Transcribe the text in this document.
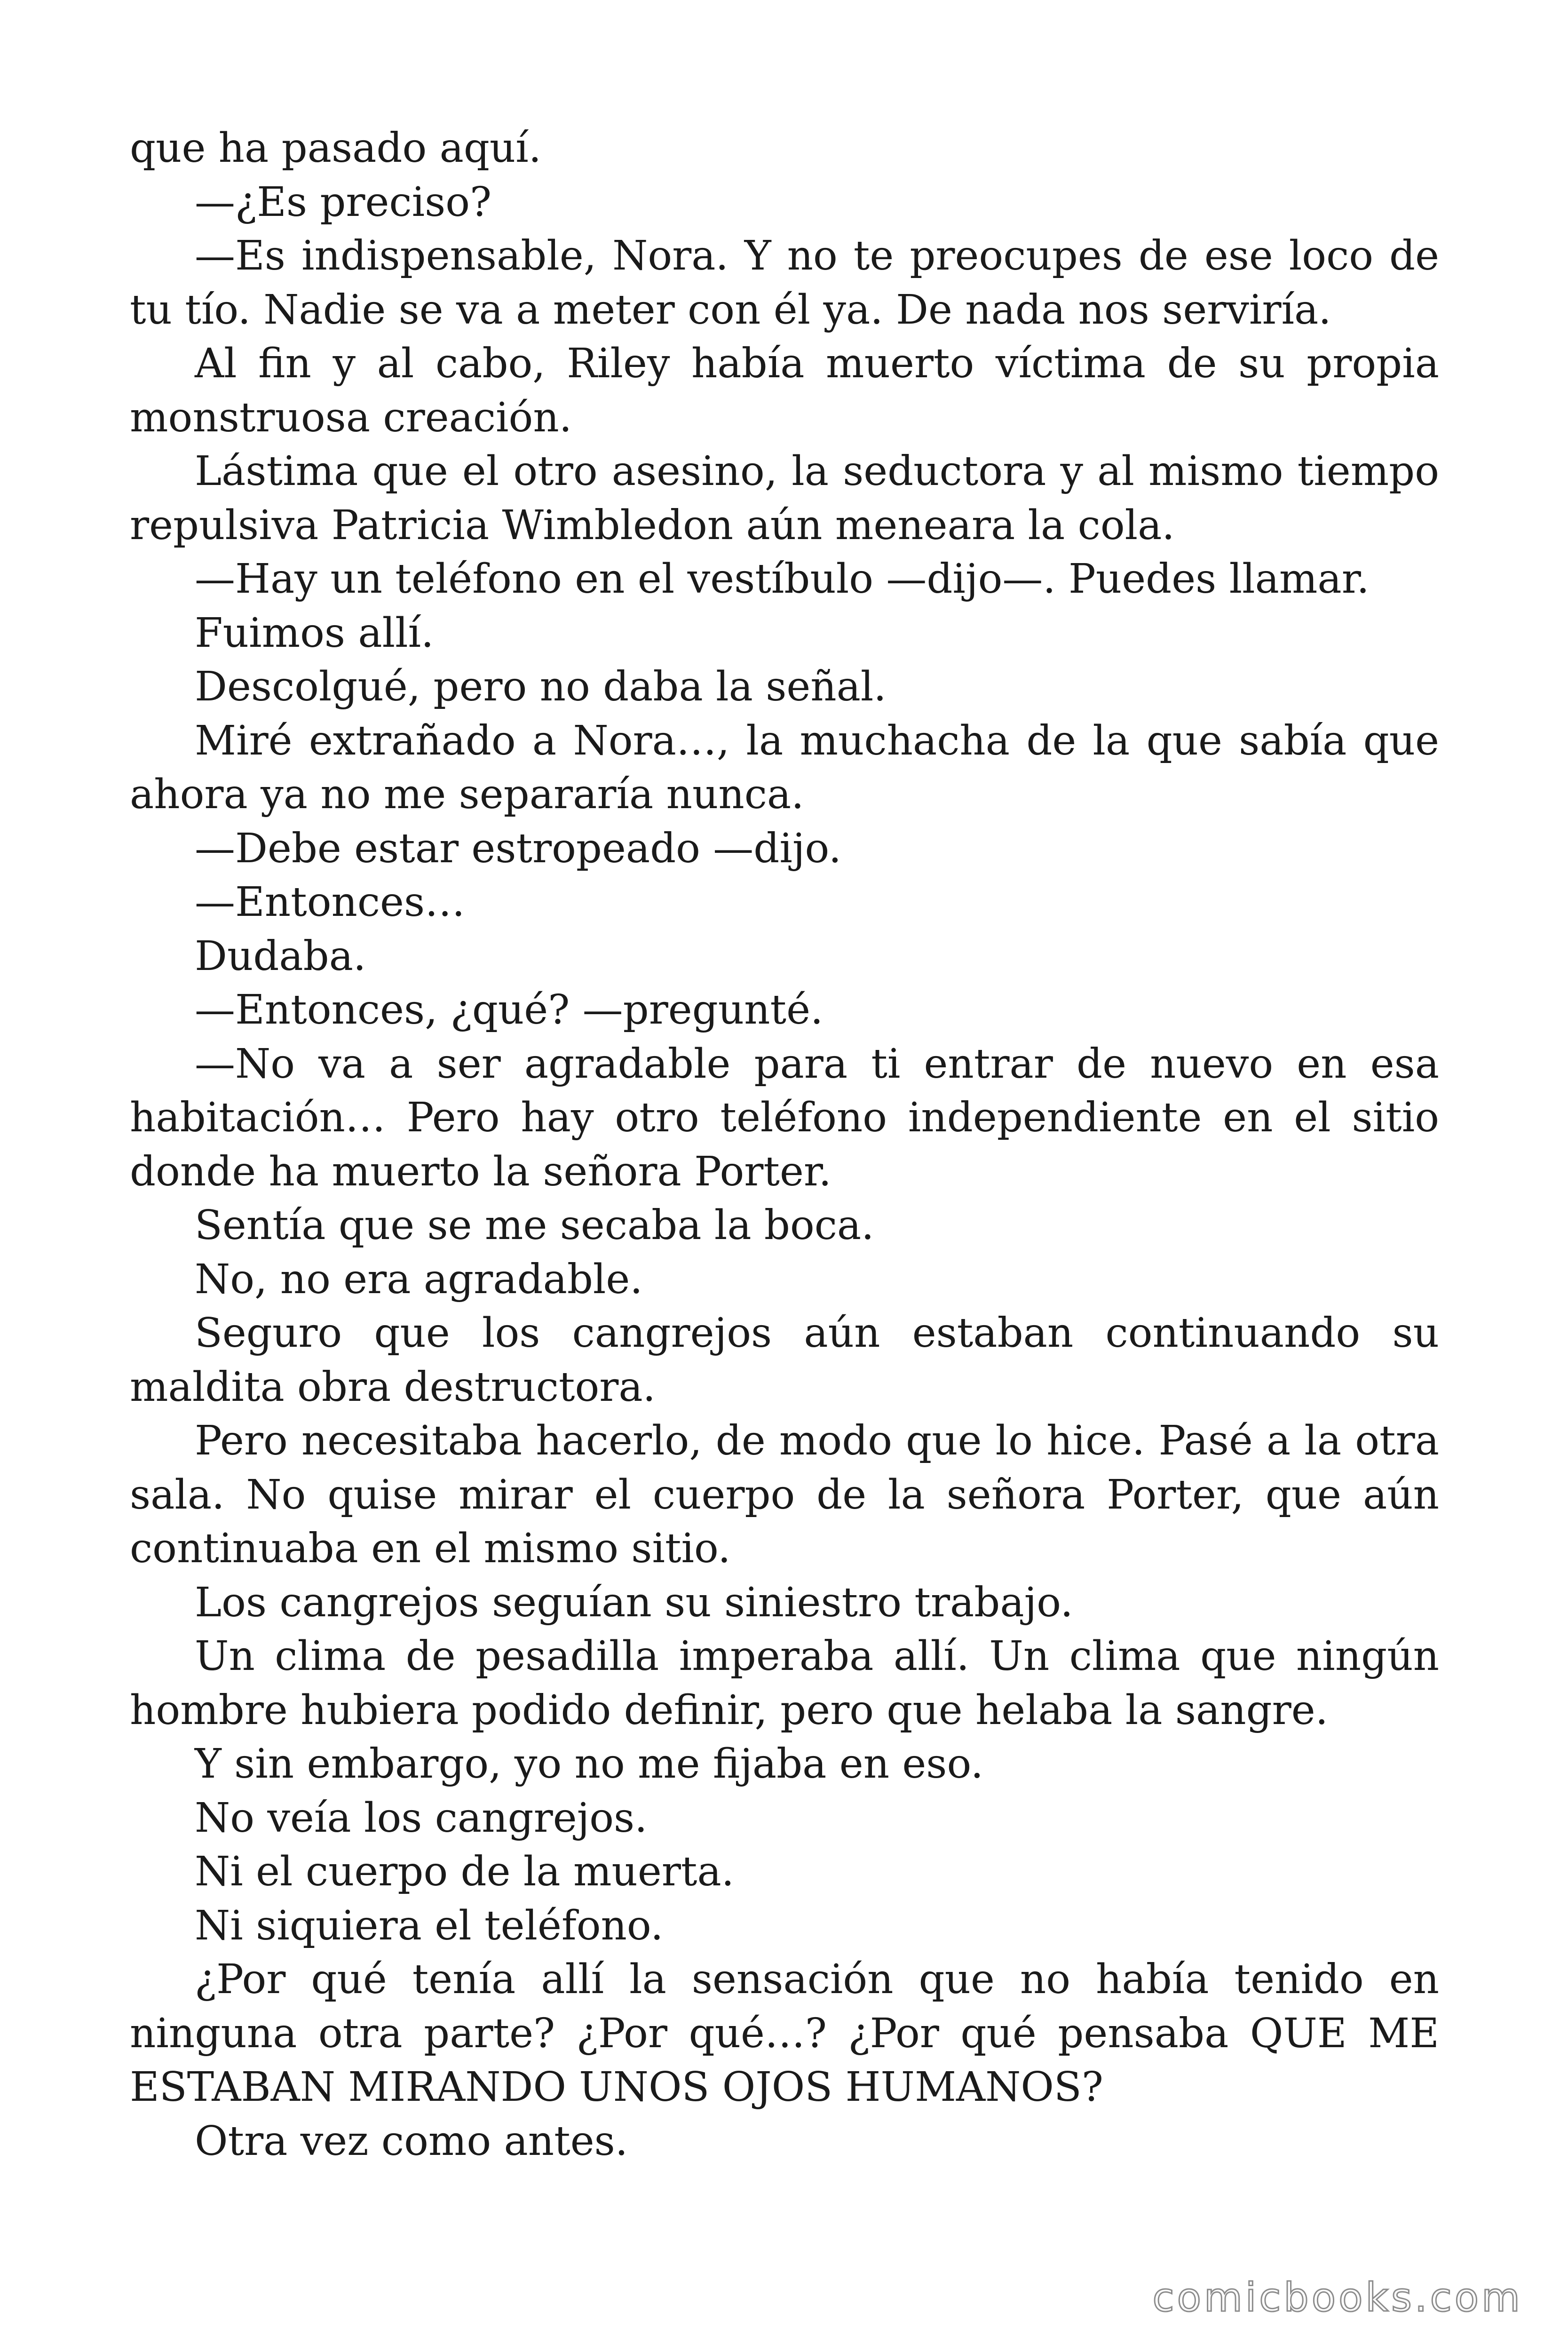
que ha pasado aquí.

—¿Es preciso?

—Es indispensable, Nora. Y no te preocupes de ese loco de tu tío. Nadie se va a meter con él ya. De nada nos serviría.

Al fin y al cabo, Riley había muerto víctima de su propia monstruosa creación.

Lástima que el otro asesino, la seductora y al mismo tiempo repulsiva Patricia Wimbledon aún meneara la cola.

—Hay un teléfono en el vestíbulo —dijo—. Puedes llamar.

Fuimos allí.

Descolgué, pero no daba la señal.

Miré extrañado a Nora…, la muchacha de la que sabía que ahora ya no me separaría nunca.

—Debe estar estropeado —dijo.

—Entonces…

Dudaba.

—Entonces, ¿qué? —pregunté.

—No va a ser agradable para ti entrar de nuevo en esa habitación… Pero hay otro teléfono independiente en el sitio donde ha muerto la señora Porter.

Sentía que se me secaba la boca.

No, no era agradable.

Seguro que los cangrejos aún estaban continuando su maldita obra destructora.

Pero necesitaba hacerlo, de modo que lo hice. Pasé a la otra sala. No quise mirar el cuerpo de la señora Porter, que aún continuaba en el mismo sitio.

Los cangrejos seguían su siniestro trabajo.

Un clima de pesadilla imperaba allí. Un clima que ningún hombre hubiera podido definir, pero que helaba la sangre.

Y sin embargo, yo no me fijaba en eso.

No veía los cangrejos.

Ni el cuerpo de la muerta.

Ni siquiera el teléfono.

¿Por qué tenía allí la sensación que no había tenido en ninguna otra parte? ¿Por qué…? ¿Por qué pensaba QUE ME ESTABAN MIRANDO UNOS OJOS HUMANOS?

Otra vez como antes.

comicbooks.com
